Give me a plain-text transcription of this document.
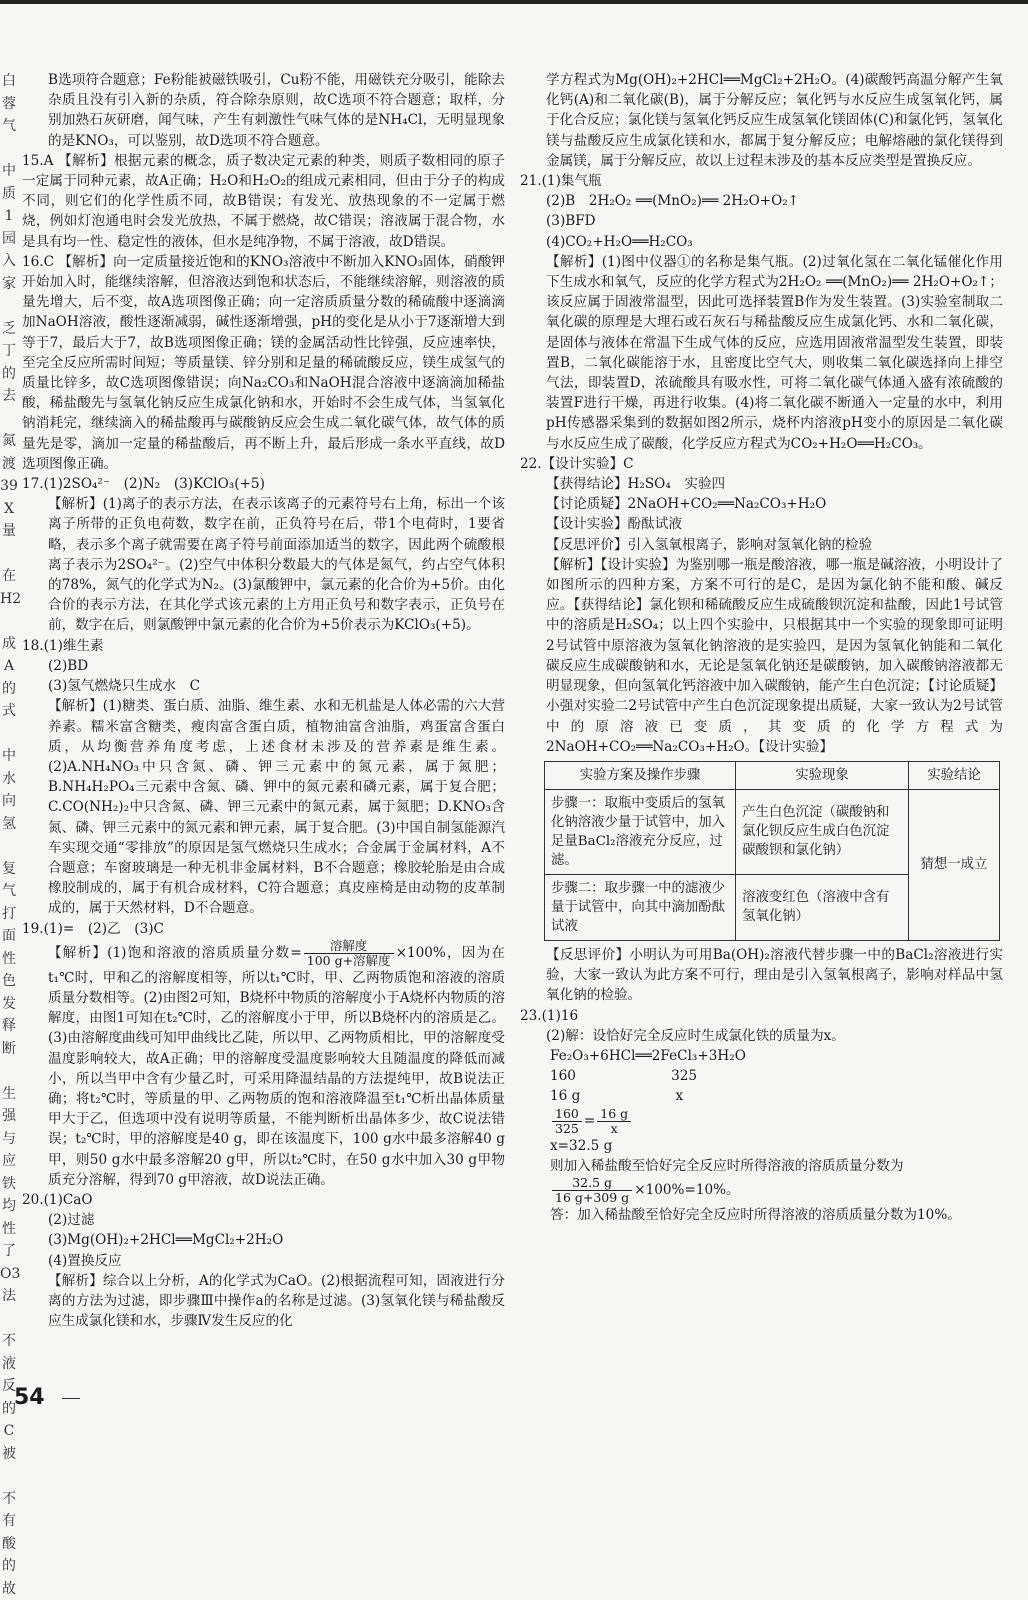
白
蓉
气

中
质
1
园
入
家

乏
丁
的
去

氮
渡
39
X
量

在
H2

成
A
的
式

中
水
向
氢

复
气
打
面
性
色
发
释
断

生
强
与
应
铁
均
性
了
O3
法

不
液
反
的
C
被

不
有
酸
的
故

B选项符合题意；Fe粉能被磁铁吸引，Cu粉不能，用磁铁充分吸引，能除去杂质且没有引入新的杂质，符合除杂原则，故C选项不符合题意；取样，分别加熟石灰研磨，闻气味，产生有刺激性气味气体的是NH₄Cl，无明显现象的是KNO₃，可以鉴别，故D选项不符合题意。

15.A 【解析】根据元素的概念，质子数决定元素的种类，则质子数相同的原子一定属于同种元素，故A正确；H₂O和H₂O₂的组成元素相同，但由于分子的构成不同，则它们的化学性质不同，故B错误；有发光、放热现象的不一定属于燃烧，例如灯泡通电时会发光放热，不属于燃烧，故C错误；溶液属于混合物，水是具有均一性、稳定性的液体，但水是纯净物，不属于溶液，故D错误。

16.C 【解析】向一定质量接近饱和的KNO₃溶液中不断加入KNO₃固体，硝酸钾开始加入时，能继续溶解，但溶液达到饱和状态后，不能继续溶解，则溶液的质量先增大，后不变，故A选项图像正确；向一定溶质质量分数的稀硫酸中逐滴滴加NaOH溶液，酸性逐渐减弱，碱性逐渐增强，pH的变化是从小于7逐渐增大到等于7，最后大于7，故B选项图像正确；镁的金属活动性比锌强，反应速率快，至完全反应所需时间短；等质量镁、锌分别和足量的稀硫酸反应，镁生成氢气的质量比锌多，故C选项图像错误；向Na₂CO₃和NaOH混合溶液中逐滴滴加稀盐酸，稀盐酸先与氢氧化钠反应生成氯化钠和水，开始时不会生成气体，当氢氧化钠消耗完，继续滴入的稀盐酸再与碳酸钠反应会生成二氧化碳气体，故气体的质量先是零，滴加一定量的稀盐酸后，再不断上升，最后形成一条水平直线，故D选项图像正确。

17.(1)2SO₄²⁻　(2)N₂　(3)KClO₃(+5)

【解析】(1)离子的表示方法，在表示该离子的元素符号右上角，标出一个该离子所带的正负电荷数，数字在前，正负符号在后，带1个电荷时，1要省略，表示多个离子就需要在离子符号前面添加适当的数字，因此两个硫酸根离子表示为2SO₄²⁻。(2)空气中体积分数最大的气体是氮气，约占空气体积的78%，氮气的化学式为N₂。(3)氯酸钾中，氯元素的化合价为+5价。由化合价的表示方法，在其化学式该元素的上方用正负号和数字表示，正负号在前，数字在后，则氯酸钾中氯元素的化合价为+5价表示为KClO₃(+5)。

18.(1)维生素

(2)BD

(3)氢气燃烧只生成水　C

【解析】(1)糖类、蛋白质、油脂、维生素、水和无机盐是人体必需的六大营养素。糯米富含糖类，瘦肉富含蛋白质，植物油富含油脂，鸡蛋富含蛋白质，从均衡营养角度考虑，上述食材未涉及的营养素是维生素。(2)A.NH₄NO₃中只含氮、磷、钾三元素中的氮元素，属于氮肥；B.NH₄H₂PO₄三元素中含氮、磷、钾中的氮元素和磷元素，属于复合肥；C.CO(NH₂)₂中只含氮、磷、钾三元素中的氮元素，属于氮肥；D.KNO₃含氮、磷、钾三元素中的氮元素和钾元素，属于复合肥。(3)中国自制氢能源汽车实现交通“零排放”的原因是氢气燃烧只生成水；合金属于金属材料，A不合题意；车窗玻璃是一种无机非金属材料，B不合题意；橡胶轮胎是由合成橡胶制成的，属于有机合成材料，C符合题意；真皮座椅是由动物的皮革制成的，属于天然材料，D不合题意。

19.(1)=　(2)乙　(3)C

【解析】(1)饱和溶液的溶质质量分数= $\frac{\text{溶解度}}{\text{100 g+溶解度}} \times 100\%$，因为在t₁℃时，甲和乙的溶解度相等，所以t₁℃时，甲、乙两物质饱和溶液的溶质质量分数相等。(2)由图2可知，B烧杯中物质的溶解度小于A烧杯内物质的溶解度，由图1可知在t₂℃时，乙的溶解度小于甲，所以B烧杯内的溶质是乙。(3)由溶解度曲线可知甲曲线比乙陡，所以甲、乙两物质相比，甲的溶解度受温度影响较大，故A正确；甲的溶解度受温度影响较大且随温度的降低而减小，所以当甲中含有少量乙时，可采用降温结晶的方法提纯甲，故B说法正确；将t₂℃时，等质量的甲、乙两物质的饱和溶液降温至t₁℃析出晶体质量甲大于乙，但选项中没有说明等质量，不能判断析出晶体多少，故C说法错误；t₂℃时，甲的溶解度是40 g，即在该温度下，100 g水中最多溶解40 g甲，则50 g水中最多溶解20 g甲，所以t₂℃时，在50 g水中加入30 g甲物质充分溶解，得到70 g甲溶液，故D说法正确。

20.(1)CaO

(2)过滤

(3)Mg(OH)₂+2HCl══MgCl₂+2H₂O

(4)置换反应

【解析】综合以上分析，A的化学式为CaO。(2)根据流程可知，固液进行分离的方法为过滤，即步骤Ⅲ中操作a的名称是过滤。(3)氢氧化镁与稀盐酸反应生成氯化镁和水，步骤Ⅳ发生反应的化

学方程式为Mg(OH)₂+2HCl══MgCl₂+2H₂O。(4)碳酸钙高温分解产生氧化钙(A)和二氧化碳(B)，属于分解反应；氧化钙与水反应生成氢氧化钙，属于化合反应；氯化镁与氢氧化钙反应生成氢氧化镁固体(C)和氯化钙，氢氧化镁与盐酸反应生成氯化镁和水，都属于复分解反应；电解熔融的氯化镁得到金属镁，属于分解反应，故以上过程未涉及的基本反应类型是置换反应。

21.(1)集气瓶

(2)B　2H₂O₂ ══(MnO₂)══ 2H₂O+O₂↑

(3)BFD

(4)CO₂+H₂O══H₂CO₃

【解析】(1)图中仪器①的名称是集气瓶。(2)过氧化氢在二氧化锰催化作用下生成水和氧气，反应的化学方程式为2H₂O₂ ══(MnO₂)══ 2H₂O+O₂↑；该反应属于固液常温型，因此可选择装置B作为发生装置。(3)实验室制取二氧化碳的原理是大理石或石灰石与稀盐酸反应生成氯化钙、水和二氧化碳，是固体与液体在常温下生成气体的反应，应选用固液常温型发生装置，即装置B，二氧化碳能溶于水，且密度比空气大，则收集二氧化碳选择向上排空气法，即装置D，浓硫酸具有吸水性，可将二氧化碳气体通入盛有浓硫酸的装置F进行干燥，再进行收集。(4)将二氧化碳不断通入一定量的水中，利用pH传感器采集到的数据如图2所示，烧杯内溶液pH变小的原因是二氧化碳与水反应生成了碳酸，化学反应方程式为CO₂+H₂O══H₂CO₃。

22.【设计实验】C

【获得结论】H₂SO₄　实验四

【讨论质疑】2NaOH+CO₂══Na₂CO₃+H₂O

【设计实验】酚酞试液

【反思评价】引入氢氧根离子，影响对氢氧化钠的检验

【解析】【设计实验】为鉴别哪一瓶是酸溶液，哪一瓶是碱溶液，小明设计了如图所示的四种方案，方案不可行的是C，是因为氯化钠不能和酸、碱反应。【获得结论】氯化钡和稀硫酸反应生成硫酸钡沉淀和盐酸，因此1号试管中的溶质是H₂SO₄；以上四个实验中，只根据其中一个实验的现象即可证明2号试管中原溶液为氢氧化钠溶液的是实验四，是因为氢氧化钠能和二氧化碳反应生成碳酸钠和水，无论是氢氧化钠还是碳酸钠，加入碳酸钠溶液都无明显现象，但向氢氧化钙溶液中加入碳酸钠，能产生白色沉淀；【讨论质疑】小强对实验二2号试管中产生白色沉淀现象提出质疑，大家一致认为2号试管中的原溶液已变质，其变质的化学方程式为2NaOH+CO₂══Na₂CO₃+H₂O。【设计实验】

实验方案及操作步骤	实验现象	实验结论
步骤一：取瓶中变质后的氢氧化钠溶液少量于试管中，加入足量BaCl₂溶液充分反应，过滤。	产生白色沉淀（碳酸钠和氯化钡反应生成白色沉淀碳酸钡和氯化钠）	猜想一成立
步骤二：取步骤一中的滤液少量于试管中，向其中滴加酚酞试液	溶液变红色（溶液中含有氢氧化钠）	

【反思评价】小明认为可用Ba(OH)₂溶液代替步骤一中的BaCl₂溶液进行实验，大家一致认为此方案不可行，理由是引入氢氧根离子，影响对样品中氢氧化钠的检验。

23.(1)16

(2)解：设恰好完全反应时生成氯化铁的质量为x。

Fe₂O₃+6HCl══2FeCl₃+3H₂O

160　　　　　　　325

16 g　　　　　　　x

$\frac{160}{325} = \frac{16 g}{x}$

x=32.5 g

则加入稀盐酸至恰好完全反应时所得溶液的溶质质量分数为

$\frac{32.5 g}{16 g+309 g} \times 100\%=10\%$。

答：加入稀盐酸至恰好完全反应时所得溶液的溶质质量分数为10%。

54
